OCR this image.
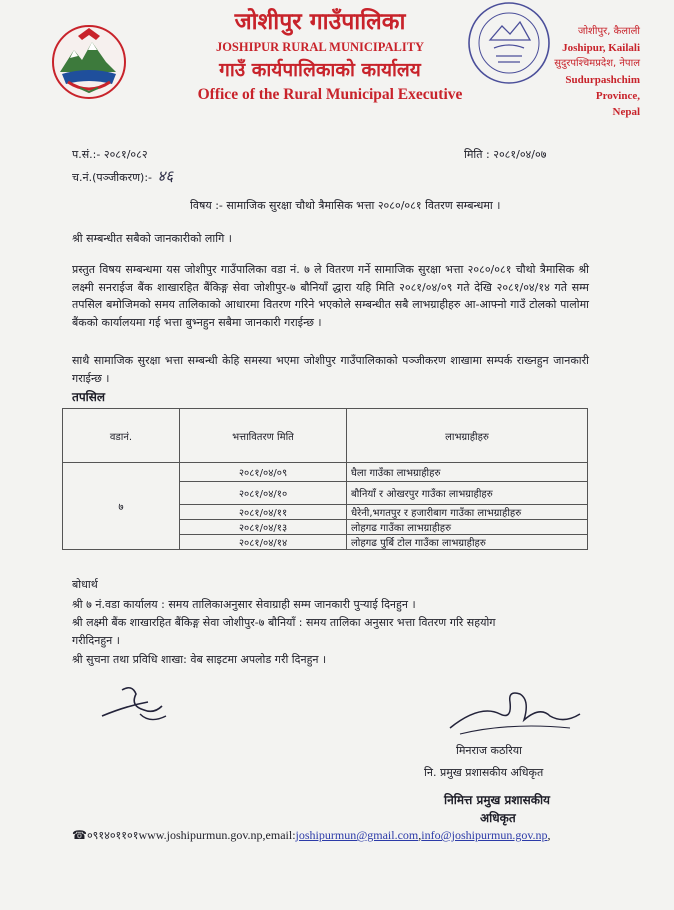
जोशीपुर गाउँपालिका
JOSHIPUR RURAL MUNICIPALITY
गाउँ कार्यपालिकाको कार्यालय
Office of the Rural Municipal Executive
जोशीपुर, कैलाली
Joshipur, Kailali
सुदुरपश्चिमप्रदेश, नेपाल
Sudurpashchim Province,
Nepal
प.सं.:- २०८१/०८२	मिति : २०८१/०४/०७
च.नं.(पञ्जीकरण):- ४६
विषय :- सामाजिक सुरक्षा चौथो त्रैमासिक भत्ता २०८०/०८१ वितरण सम्बन्धमा ।
श्री सम्बन्धीत सबैको जानकारीको लागि ।
प्रस्तुत विषय सम्बन्धमा यस जोशीपुर गाउँपालिका वडा नं. ७ ले वितरण गर्ने सामाजिक सुरक्षा भत्ता २०८०/०८१ चौथो त्रैमासिक श्री लक्ष्मी सनराईज बैंक शाखारहित बैंकिङ्ग सेवा जोशीपुर-७ बौनियाँ द्धारा यहि मिति २०८१/०४/०९ गते देखि २०८१/०४/१४ गते सम्म तपसिल बमोजिमको समय तालिकाको आधारमा वितरण गरिने भएकोले सम्बन्धीत सबै लाभग्राहीहरु आ-आफ्नो गाउँ टोलको पालोमा बैंकको कार्यालयमा गई भत्ता बुभ्नहुन सबैमा जानकारी गराईन्छ ।
साथै सामाजिक सुरक्षा भत्ता सम्बन्धी केहि समस्या भएमा जोशीपुर गाउँपालिकाको पञ्जीकरण शाखामा सम्पर्क राख्नहुन जानकारी गराईन्छ ।
तपसिल
वडानं.	भत्तावितरण मिति	लाभग्राहीहरु
७	२०८१/०४/०९	घैला गाउँका लाभग्राहीहरु
	२०८१/०४/१०	बौनियाँ र ओखरपुर गाउँका लाभग्राहीहरु
	२०८१/०४/११	धैरेनी,भगतपुर र हजारीबाग गाउँका लाभग्राहीहरु
	२०८१/०४/१३	लोहगढ गाउँका लाभग्राहीहरु
	२०८१/०४/१४	लोहगढ पुर्बि टोल गाउँका लाभग्राहीहरु
बोधार्थ
श्री ७ नं.वडा कार्यालय : समय तालिकाअनुसार सेवाग्राही सम्म जानकारी पुऱ्याई दिनहुन ।
श्री लक्ष्मी बैंक शाखारहित बैंकिङ्ग सेवा जोशीपुर-७ बौनियाँ : समय तालिका अनुसार भत्ता वितरण गरि सहयोग
गरीदिनहुन ।
श्री सुचना तथा प्रविधि शाखा: वेब साइटमा अपलोड गरी दिनहुन ।
मिनराज कठरिया
नि. प्रमुख प्रशासकीय अधिकृत
निमित्त प्रमुख प्रशासकीय
अधिकृत
☎०९१४०११०१www.joshipurmun.gov.np,email:joshipurmun@gmail.com,info@joshipurmun.gov.np,
